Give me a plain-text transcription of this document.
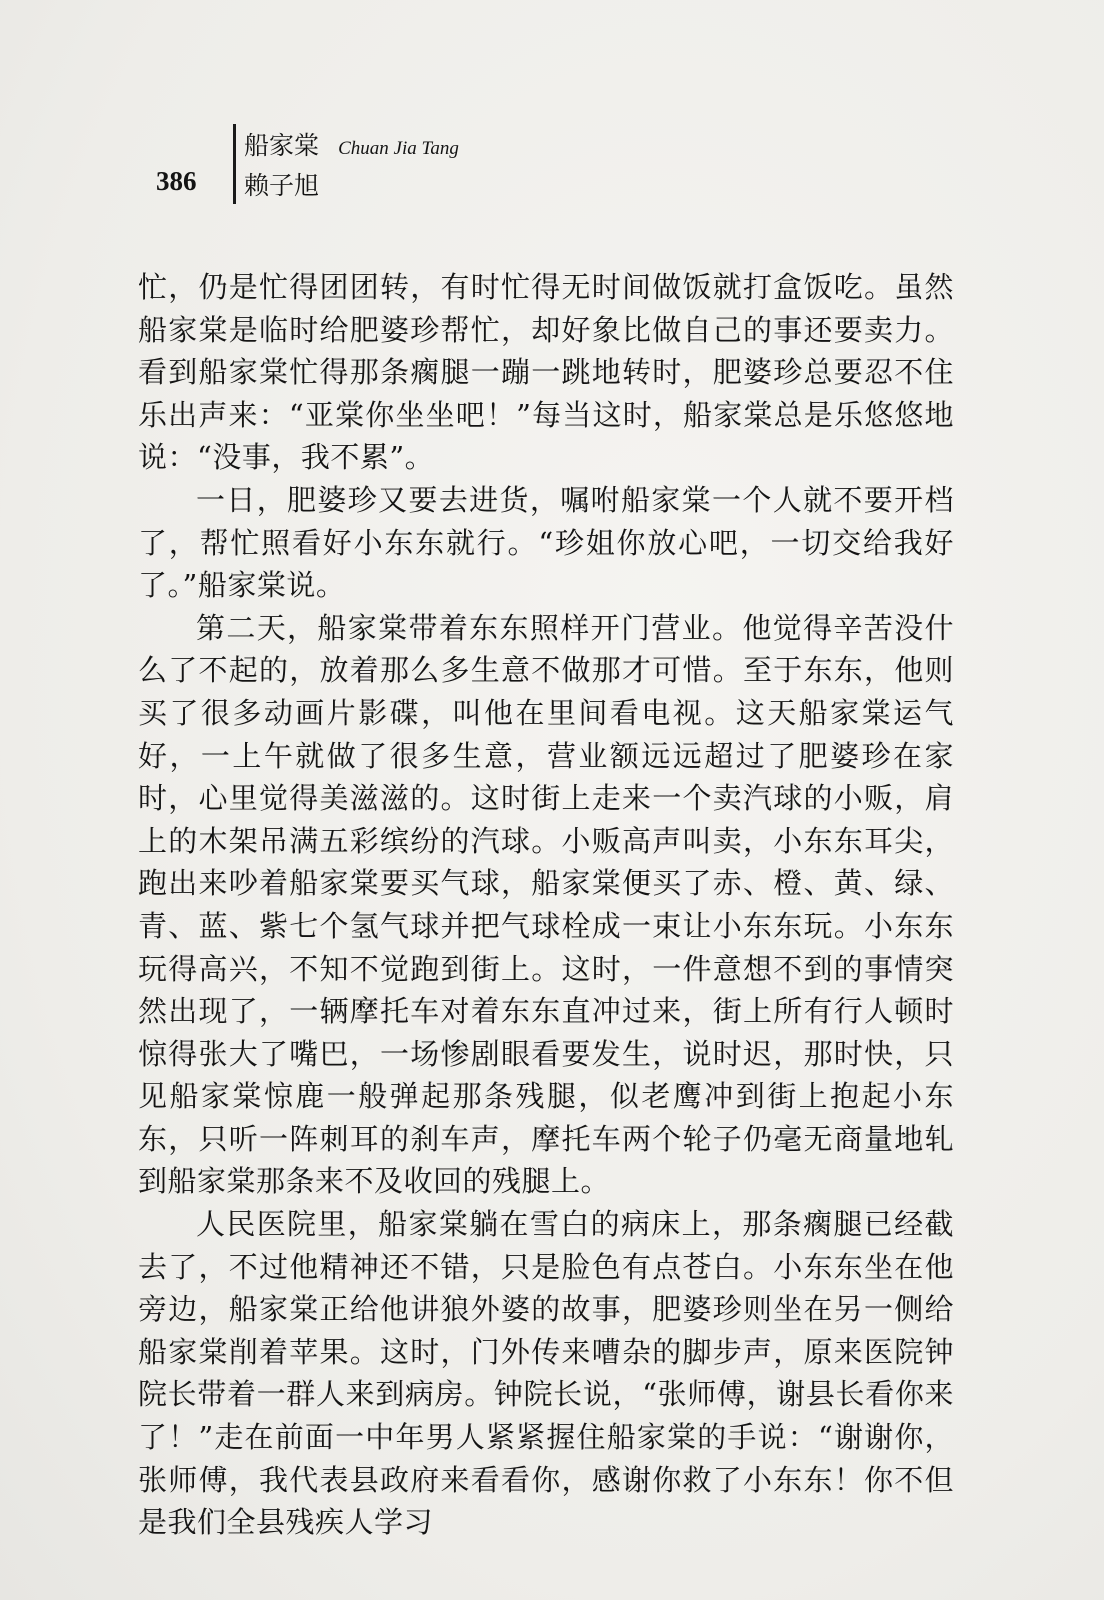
386
船家棠 Chuan Jia Tang
赖子旭

忙，仍是忙得团团转，有时忙得无时间做饭就打盒饭吃。虽然船家棠是临时给肥婆珍帮忙，却好象比做自己的事还要卖力。看到船家棠忙得那条瘸腿一蹦一跳地转时，肥婆珍总要忍不住乐出声来：“亚棠你坐坐吧！”每当这时，船家棠总是乐悠悠地说：“没事，我不累”。

一日，肥婆珍又要去进货，嘱咐船家棠一个人就不要开档了，帮忙照看好小东东就行。“珍姐你放心吧，一切交给我好了。”船家棠说。

第二天，船家棠带着东东照样开门营业。他觉得辛苦没什么了不起的，放着那么多生意不做那才可惜。至于东东，他则买了很多动画片影碟，叫他在里间看电视。这天船家棠运气好，一上午就做了很多生意，营业额远远超过了肥婆珍在家时，心里觉得美滋滋的。这时街上走来一个卖汽球的小贩，肩上的木架吊满五彩缤纷的汽球。小贩高声叫卖，小东东耳尖，跑出来吵着船家棠要买气球，船家棠便买了赤、橙、黄、绿、青、蓝、紫七个氢气球并把气球栓成一束让小东东玩。小东东玩得高兴，不知不觉跑到街上。这时，一件意想不到的事情突然出现了，一辆摩托车对着东东直冲过来，街上所有行人顿时惊得张大了嘴巴，一场惨剧眼看要发生，说时迟，那时快，只见船家棠惊鹿一般弹起那条残腿，似老鹰冲到街上抱起小东东，只听一阵刺耳的刹车声，摩托车两个轮子仍毫无商量地轧到船家棠那条来不及收回的残腿上。

人民医院里，船家棠躺在雪白的病床上，那条瘸腿已经截去了，不过他精神还不错，只是脸色有点苍白。小东东坐在他旁边，船家棠正给他讲狼外婆的故事，肥婆珍则坐在另一侧给船家棠削着苹果。这时，门外传来嘈杂的脚步声，原来医院钟院长带着一群人来到病房。钟院长说，“张师傅，谢县长看你来了！”走在前面一中年男人紧紧握住船家棠的手说：“谢谢你，张师傅，我代表县政府来看看你，感谢你救了小东东！你不但是我们全县残疾人学习
